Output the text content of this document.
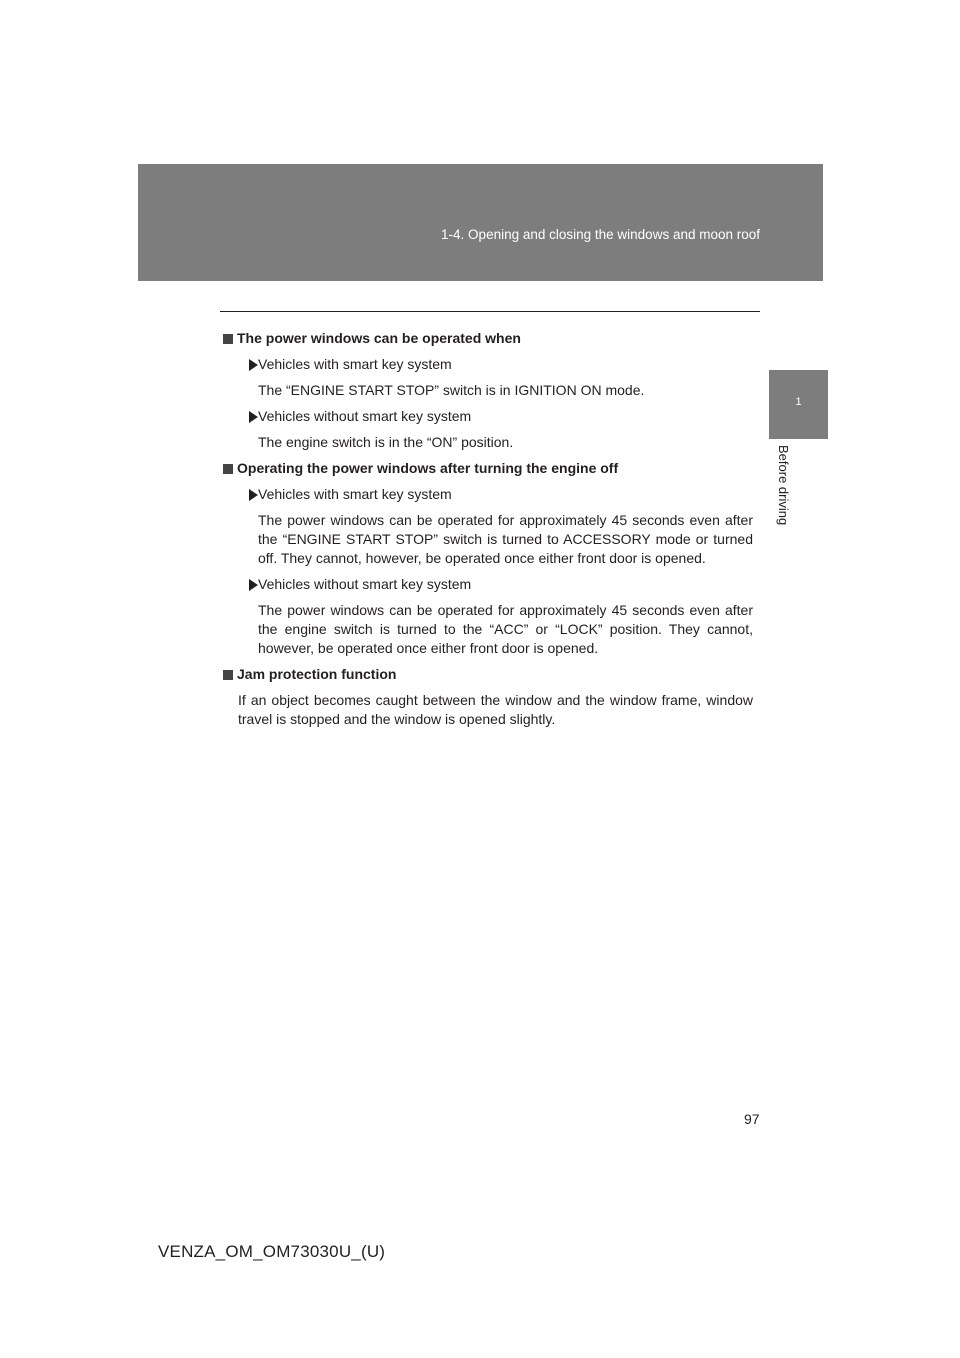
1-4. Opening and closing the windows and moon roof
1
Before driving

The power windows can be operated when

Vehicles with smart key system
The “ENGINE START STOP” switch is in IGNITION ON mode.
Vehicles without smart key system
The engine switch is in the “ON” position.

Operating the power windows after turning the engine off

Vehicles with smart key system
The power windows can be operated for approximately 45 seconds even after the “ENGINE START STOP” switch is turned to ACCESSORY mode or turned off. They cannot, however, be operated once either front door is opened.
Vehicles without smart key system
The power windows can be operated for approximately 45 seconds even after the engine switch is turned to the “ACC” or “LOCK” position. They cannot, however, be operated once either front door is opened.

Jam protection function

If an object becomes caught between the window and the window frame, window travel is stopped and the window is opened slightly.
97
VENZA_OM_OM73030U_(U)
